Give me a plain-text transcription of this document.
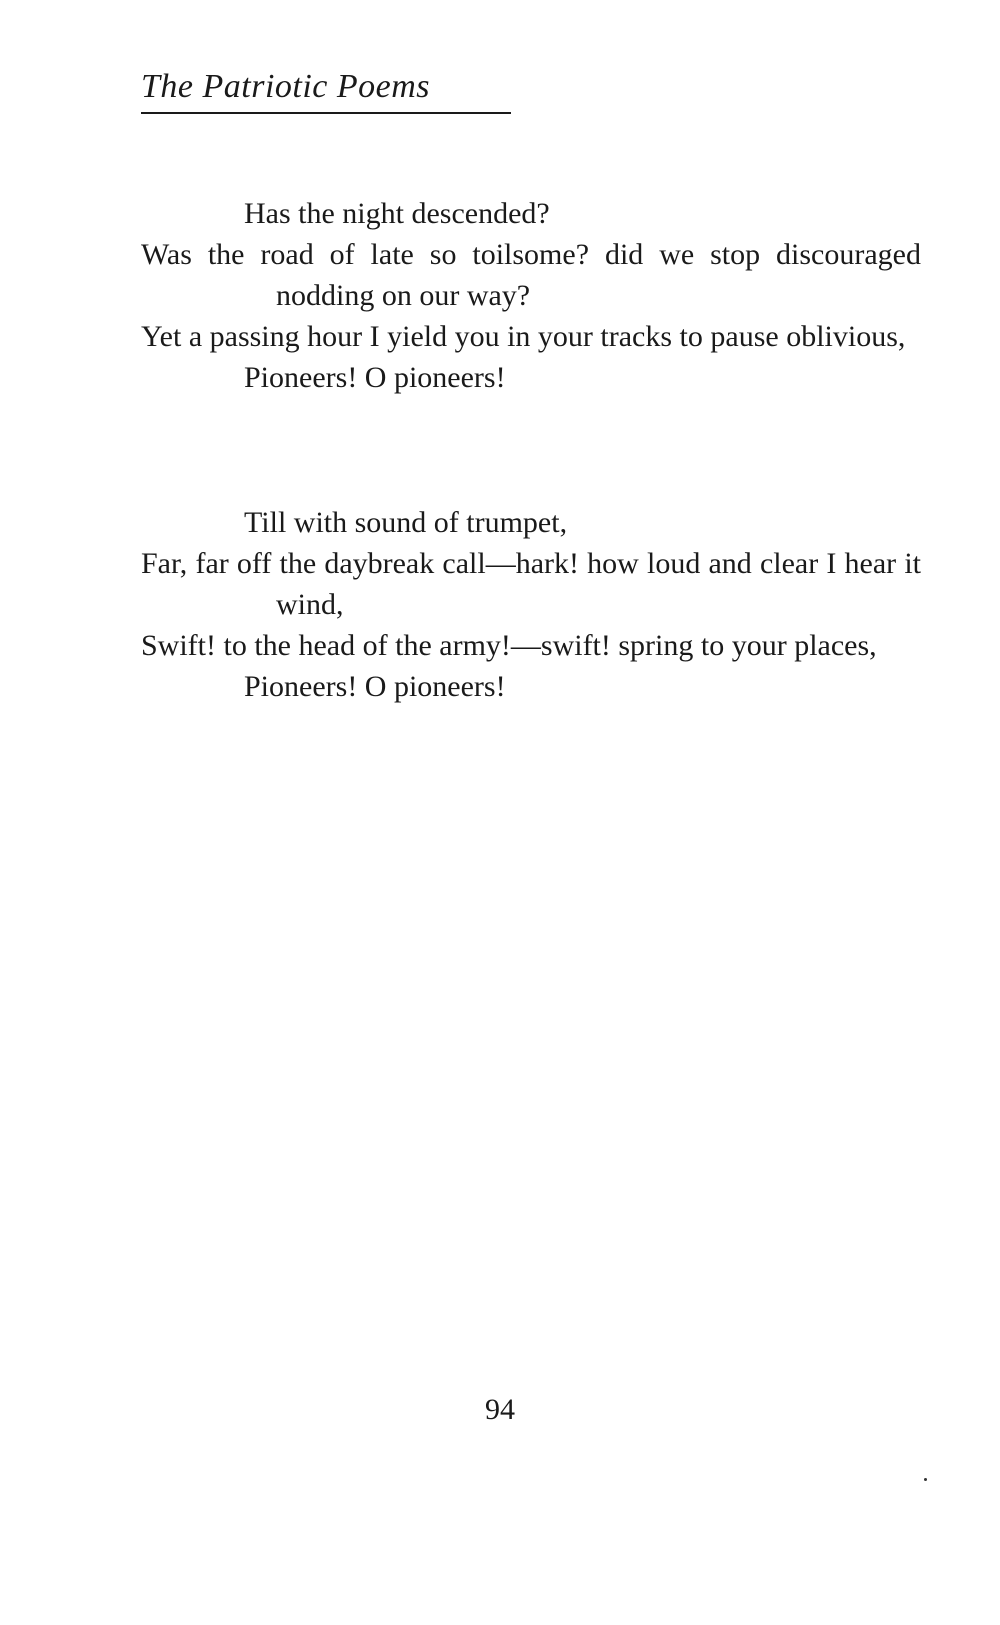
The Patriotic Poems

Has the night descended?

Was the road of late so toilsome? did we stop discouraged nodding on our way?

Yet a passing hour I yield you in your tracks to pause oblivious,

Pioneers! O pioneers!

Till with sound of trumpet,

Far, far off the daybreak call—hark! how loud and clear I hear it wind,

Swift! to the head of the army!—swift! spring to your places,

Pioneers! O pioneers!

94
